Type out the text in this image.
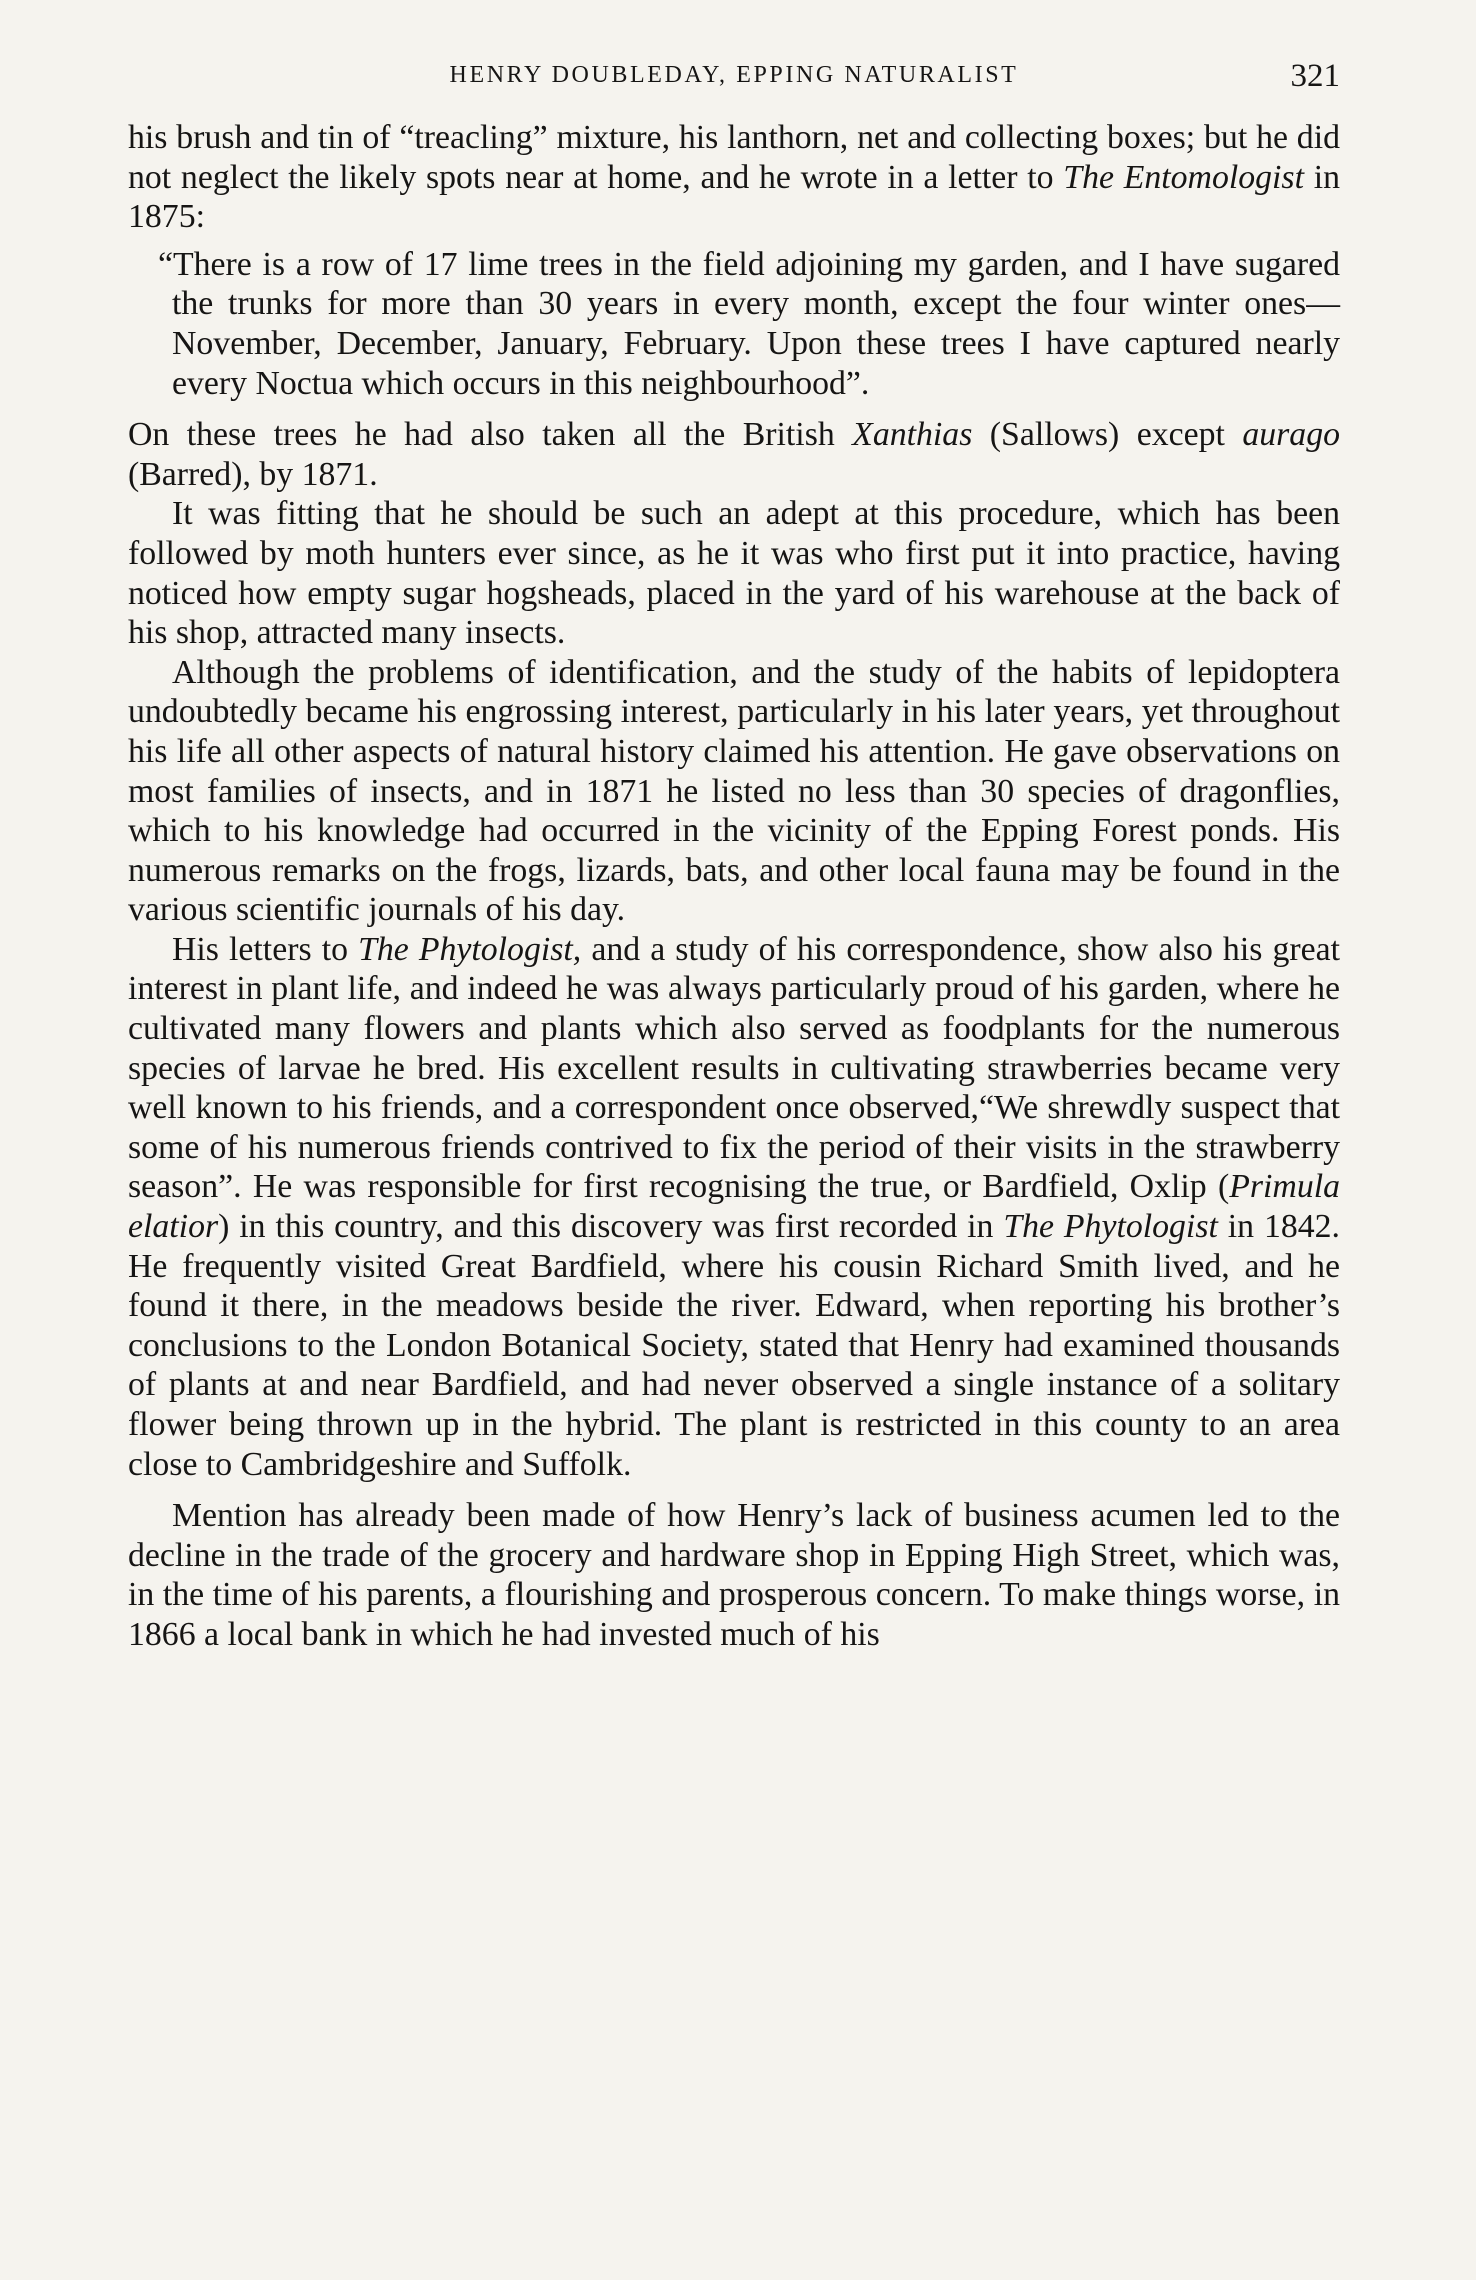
HENRY DOUBLEDAY, EPPING NATURALIST	321

his brush and tin of “treacling” mixture, his lanthorn, net and collecting boxes; but he did not neglect the likely spots near at home, and he wrote in a letter to The Entomologist in 1875:

“There is a row of 17 lime trees in the field adjoining my garden, and I have sugared the trunks for more than 30 years in every month, except the four winter ones—November, December, January, February. Upon these trees I have captured nearly every Noctua which occurs in this neighbourhood”.

On these trees he had also taken all the British Xanthias (Sallows) except aurago (Barred), by 1871.

It was fitting that he should be such an adept at this procedure, which has been followed by moth hunters ever since, as he it was who first put it into practice, having noticed how empty sugar hogsheads, placed in the yard of his warehouse at the back of his shop, attracted many insects.

Although the problems of identification, and the study of the habits of lepidoptera undoubtedly became his engrossing interest, particularly in his later years, yet throughout his life all other aspects of natural history claimed his attention. He gave observations on most families of insects, and in 1871 he listed no less than 30 species of dragonflies, which to his knowledge had occurred in the vicinity of the Epping Forest ponds. His numerous remarks on the frogs, lizards, bats, and other local fauna may be found in the various scientific journals of his day.

His letters to The Phytologist, and a study of his correspondence, show also his great interest in plant life, and indeed he was always particularly proud of his garden, where he cultivated many flowers and plants which also served as foodplants for the numerous species of larvae he bred. His excellent results in cultivating strawberries became very well known to his friends, and a correspondent once observed,“We shrewdly suspect that some of his numerous friends contrived to fix the period of their visits in the strawberry season”. He was responsible for first recognising the true, or Bardfield, Oxlip (Primula elatior) in this country, and this discovery was first recorded in The Phytologist in 1842. He frequently visited Great Bardfield, where his cousin Richard Smith lived, and he found it there, in the meadows beside the river. Edward, when reporting his brother’s conclusions to the London Botanical Society, stated that Henry had examined thousands of plants at and near Bardfield, and had never observed a single instance of a solitary flower being thrown up in the hybrid. The plant is restricted in this county to an area close to Cambridgeshire and Suffolk.

Mention has already been made of how Henry’s lack of business acumen led to the decline in the trade of the grocery and hardware shop in Epping High Street, which was, in the time of his parents, a flourishing and prosperous concern. To make things worse, in 1866 a local bank in which he had invested much of his
